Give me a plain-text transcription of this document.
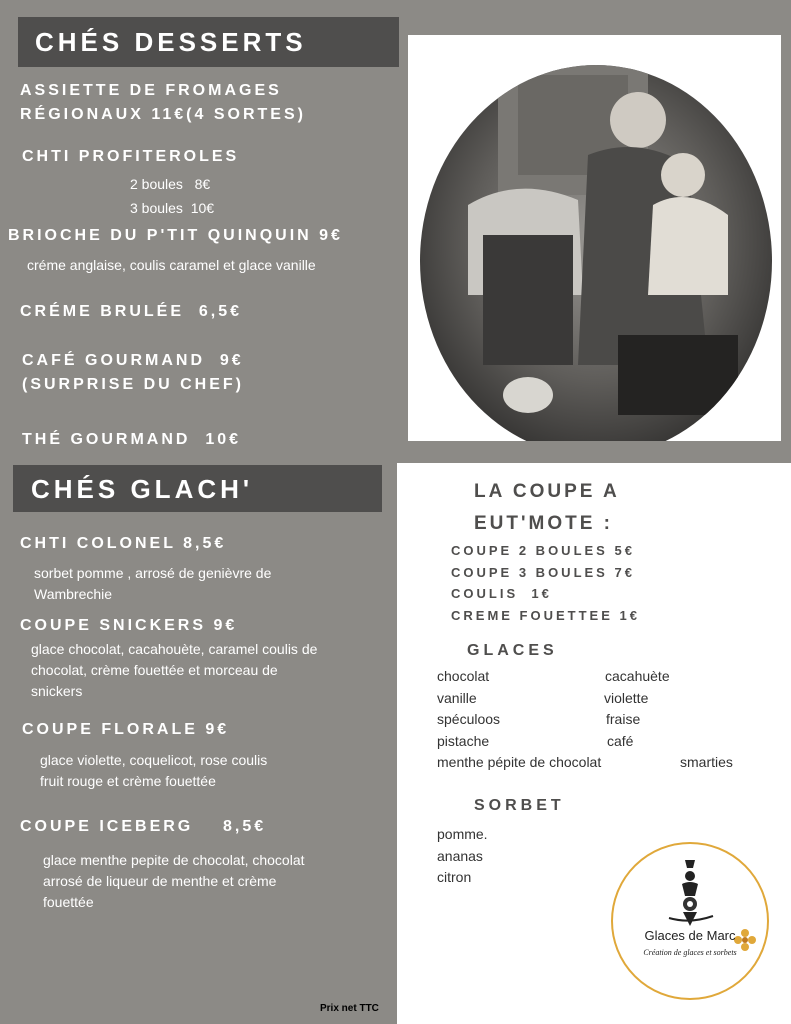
CHÉS DESSERTS
ASSIETTE DE FROMAGES
RÉGIONAUX 11€(4 SORTES)
CHTI PROFITEROLES
2 boules   8€
3 boules  10€
BRIOCHE DU P'TIT QUINQUIN 9€
créme anglaise, coulis caramel et glace vanille
CRÉME BRULÉE  6,5€
CAFÉ GOURMAND  9€
(SURPRISE DU CHEF)
THÉ GOURMAND  10€
CHÉS GLACH'
CHTI COLONEL 8,5€
sorbet pomme , arrosé de genièvre de
Wambrechie
COUPE SNICKERS 9€
glace chocolat, cacahouète, caramel coulis de
chocolat, crème fouettée et morceau de
snickers
COUPE FLORALE 9€
glace violette, coquelicot, rose coulis
fruit rouge et crème fouettée
COUPE ICEBERG    8,5€
glace menthe pepite de chocolat, chocolat
arrosé de liqueur de menthe et crème
fouettée
LA COUPE A
EUT'MOTE :
COUPE 2 BOULES 5€
COUPE 3 BOULES 7€
COULIS  1€
CREME FOUETTEE 1€
GLACES
chocolat
vanille
spéculoos
pistache
menthe pépite de chocolat
cacahuète
violette
fraise
café
smarties
SORBET
pomme.
ananas
citron
Glaces de Marc
Création de glaces et sorbets
Prix net TTC
